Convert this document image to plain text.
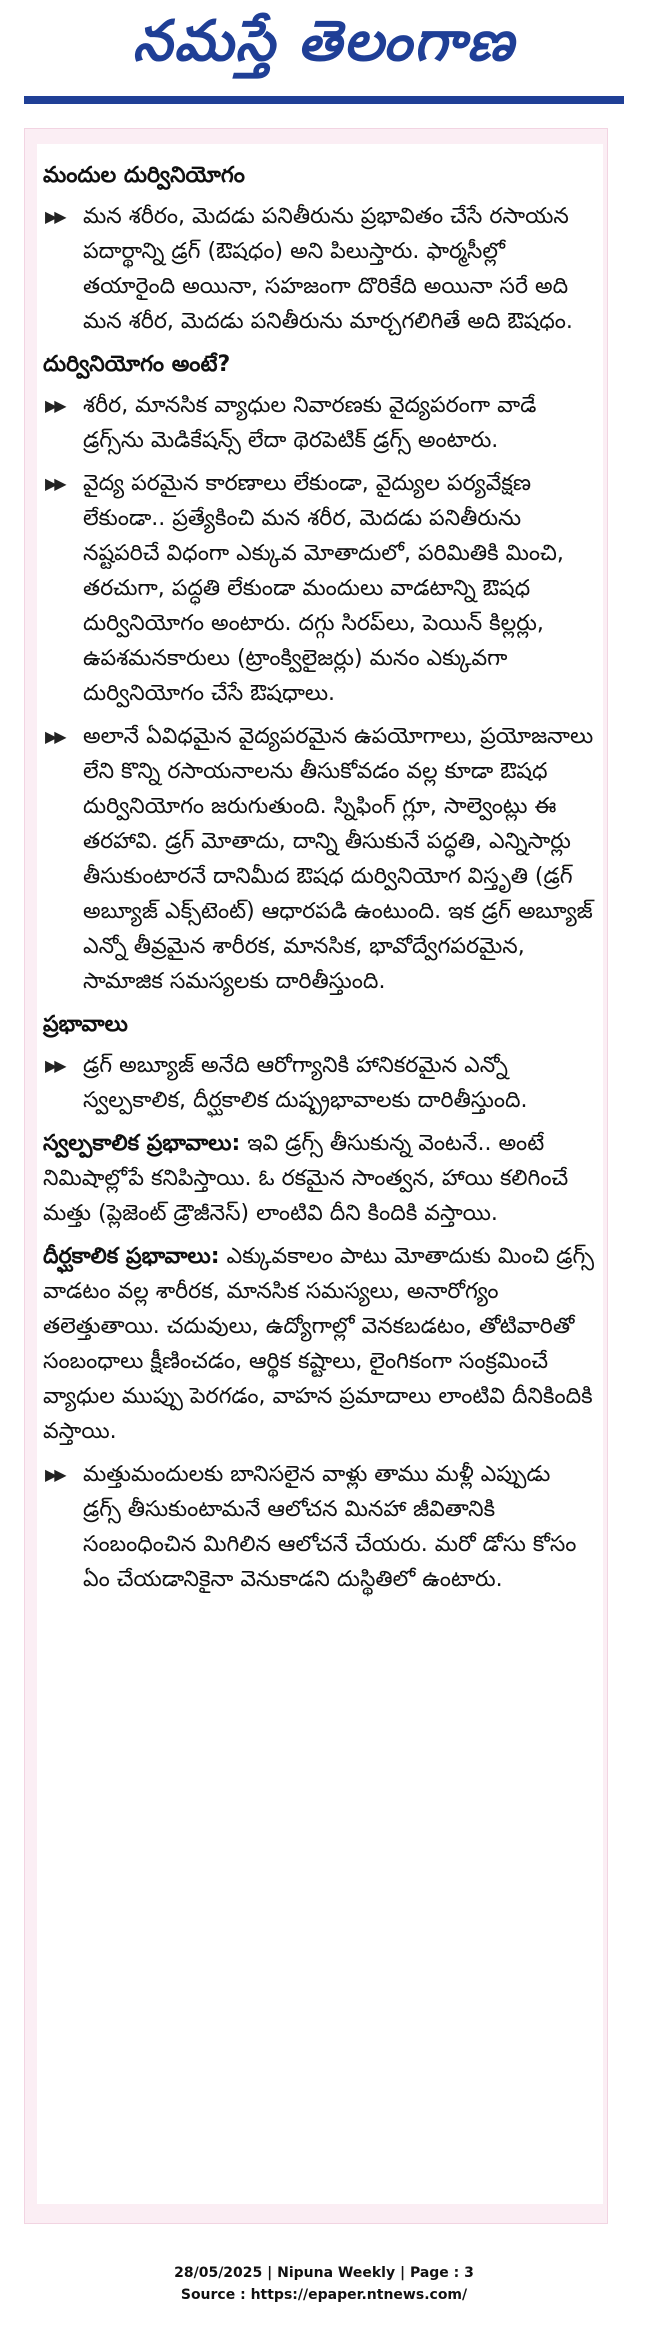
నమస్తే తెలంగాణ
మందుల దుర్వినియోగం
▶▶ మన శరీరం, మెదడు పనితీరును ప్రభావితం చేసే రసాయన పదార్థాన్ని డ్రగ్ (ఔషధం) అని పిలుస్తారు. ఫార్మసీల్లో తయారైంది అయినా, సహజంగా దొరికేది అయినా సరే అది మన శరీర, మెదడు పనితీరును మార్చగలిగితే అది ఔషధం.
దుర్వినియోగం అంటే?
▶▶ శరీర, మానసిక వ్యాధుల నివారణకు వైద్యపరంగా వాడే డ్రగ్స్‌ను మెడికేషన్స్ లేదా థెరపెటిక్ డ్రగ్స్ అంటారు.
▶▶ వైద్య పరమైన కారణాలు లేకుండా, వైద్యుల పర్యవేక్షణ లేకుండా.. ప్రత్యేకించి మన శరీర, మెదడు పనితీరును నష్టపరిచే విధంగా ఎక్కువ మోతాదులో, పరిమితికి మించి, తరచుగా, పద్ధతి లేకుండా మందులు వాడటాన్ని ఔషధ దుర్వినియోగం అంటారు. దగ్గు సిరప్‌లు, పెయిన్ కిల్లర్లు, ఉపశమనకారులు (ట్రాంక్విలైజర్లు) మనం ఎక్కువగా దుర్వినియోగం చేసే ఔషధాలు.
▶▶ అలానే ఏవిధమైన వైద్యపరమైన ఉపయోగాలు, ప్రయోజనాలు లేని కొన్ని రసాయనాలను తీసుకోవడం వల్ల కూడా ఔషధ దుర్వినియోగం జరుగుతుంది. స్నిఫింగ్ గ్లూ, సాల్వెంట్లు ఈ తరహావి. డ్రగ్ మోతాదు, దాన్ని తీసుకునే పద్ధతి, ఎన్నిసార్లు తీసుకుంటారనే దానిమీద ఔషధ దుర్వినియోగ విస్తృతి (డ్రగ్ అబ్యూజ్ ఎక్స్‌టెంట్) ఆధారపడి ఉంటుంది. ఇక డ్రగ్ అబ్యూజ్ ఎన్నో తీవ్రమైన శారీరక, మానసిక, భావోద్వేగపరమైన, సామాజిక సమస్యలకు దారితీస్తుంది.
ప్రభావాలు
▶▶ డ్రగ్ అబ్యూజ్ అనేది ఆరోగ్యానికి హానికరమైన ఎన్నో స్వల్పకాలిక, దీర్ఘకాలిక దుష్ప్రభావాలకు దారితీస్తుంది.
స్వల్పకాలిక ప్రభావాలు: ఇవి డ్రగ్స్ తీసుకున్న వెంటనే.. అంటే నిమిషాల్లోపే కనిపిస్తాయి. ఓ రకమైన సాంత్వన, హాయి కలిగించే మత్తు (ప్లెజెంట్ డ్రౌజీనెస్) లాంటివి దీని కిందికి వస్తాయి.
దీర్ఘకాలిక ప్రభావాలు: ఎక్కువకాలం పాటు మోతాదుకు మించి డ్రగ్స్ వాడటం వల్ల శారీరక, మానసిక సమస్యలు, అనారోగ్యం తలెత్తుతాయి. చదువులు, ఉద్యోగాల్లో వెనకబడటం, తోటివారితో సంబంధాలు క్షీణించడం, ఆర్థిక కష్టాలు, లైంగికంగా సంక్రమించే వ్యాధుల ముప్పు పెరగడం, వాహన ప్రమాదాలు లాంటివి దీనికిందికి వస్తాయి.
▶▶ మత్తుమందులకు బానిసలైన వాళ్లు తాము మళ్లీ ఎప్పుడు డ్రగ్స్ తీసుకుంటామనే ఆలోచన మినహా జీవితానికి సంబంధించిన మిగిలిన ఆలోచనే చేయరు. మరో డోసు కోసం ఏం చేయడానికైనా వెనుకాడని దుస్థితిలో ఉంటారు.
28/05/2025 | Nipuna Weekly | Page : 3
Source : https://epaper.ntnews.com/
